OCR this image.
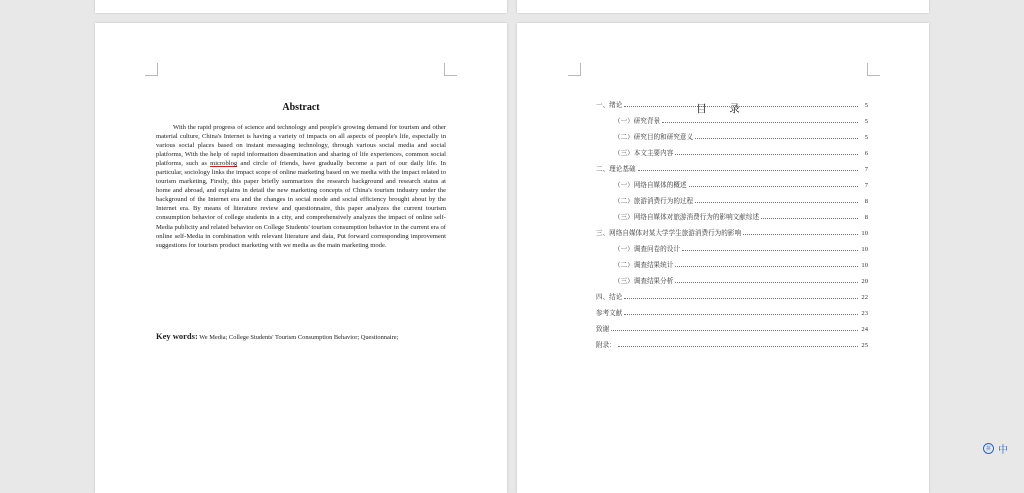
Abstract

With the rapid progress of science and technology and people's growing demand for tourism and other material culture, China's Internet is having a variety of impacts on all aspects of people's life, especially in various social places based on instant messaging technology, through various social media and social platforms, With the help of rapid information dissemination and sharing of life experiences, common social platforms, such as microblog and circle of friends, have gradually become a part of our daily life. In particular, sociology links the impact scope of online marketing based on we media with the impact related to tourism marketing, Firstly, this paper briefly summarizes the research background and research status at home and abroad, and explains in detail the new marketing concepts of China's tourism industry under the background of the Internet era and the changes in social mode and social efficiency brought about by the Internet era. By means of literature review and questionnaire, this paper analyzes the current tourism consumption behavior of college students in a city, and comprehensively analyzes the impact of online self-Media publicity and related behavior on College Students' tourism consumption behavior in the current era of online self-Media in combination with relevant literature and data, Put forward corresponding improvement suggestions for tourism product marketing with we media as the main marketing mode.

Key words: We Media; College Students' Tourism Consumption Behavior; Questionnaire;
目 录
一、绪论	5
（一）研究背景	5
（二）研究目的和研究意义	5
（三）本文主要内容	6
二、理论基础	7
（一）网络自媒体的概述	7
（二）旅游消费行为的过程	8
（三）网络自媒体对旅游消费行为的影响文献综述	8
三、网络自媒体对某大学学生旅游消费行为的影响	10
（一）调查问卷的设计	10
（二）调查结果统计	10
（三）调查结果分析	20
四、结论	22
参考文献	23
致谢	24
附录：	25
拼 中
